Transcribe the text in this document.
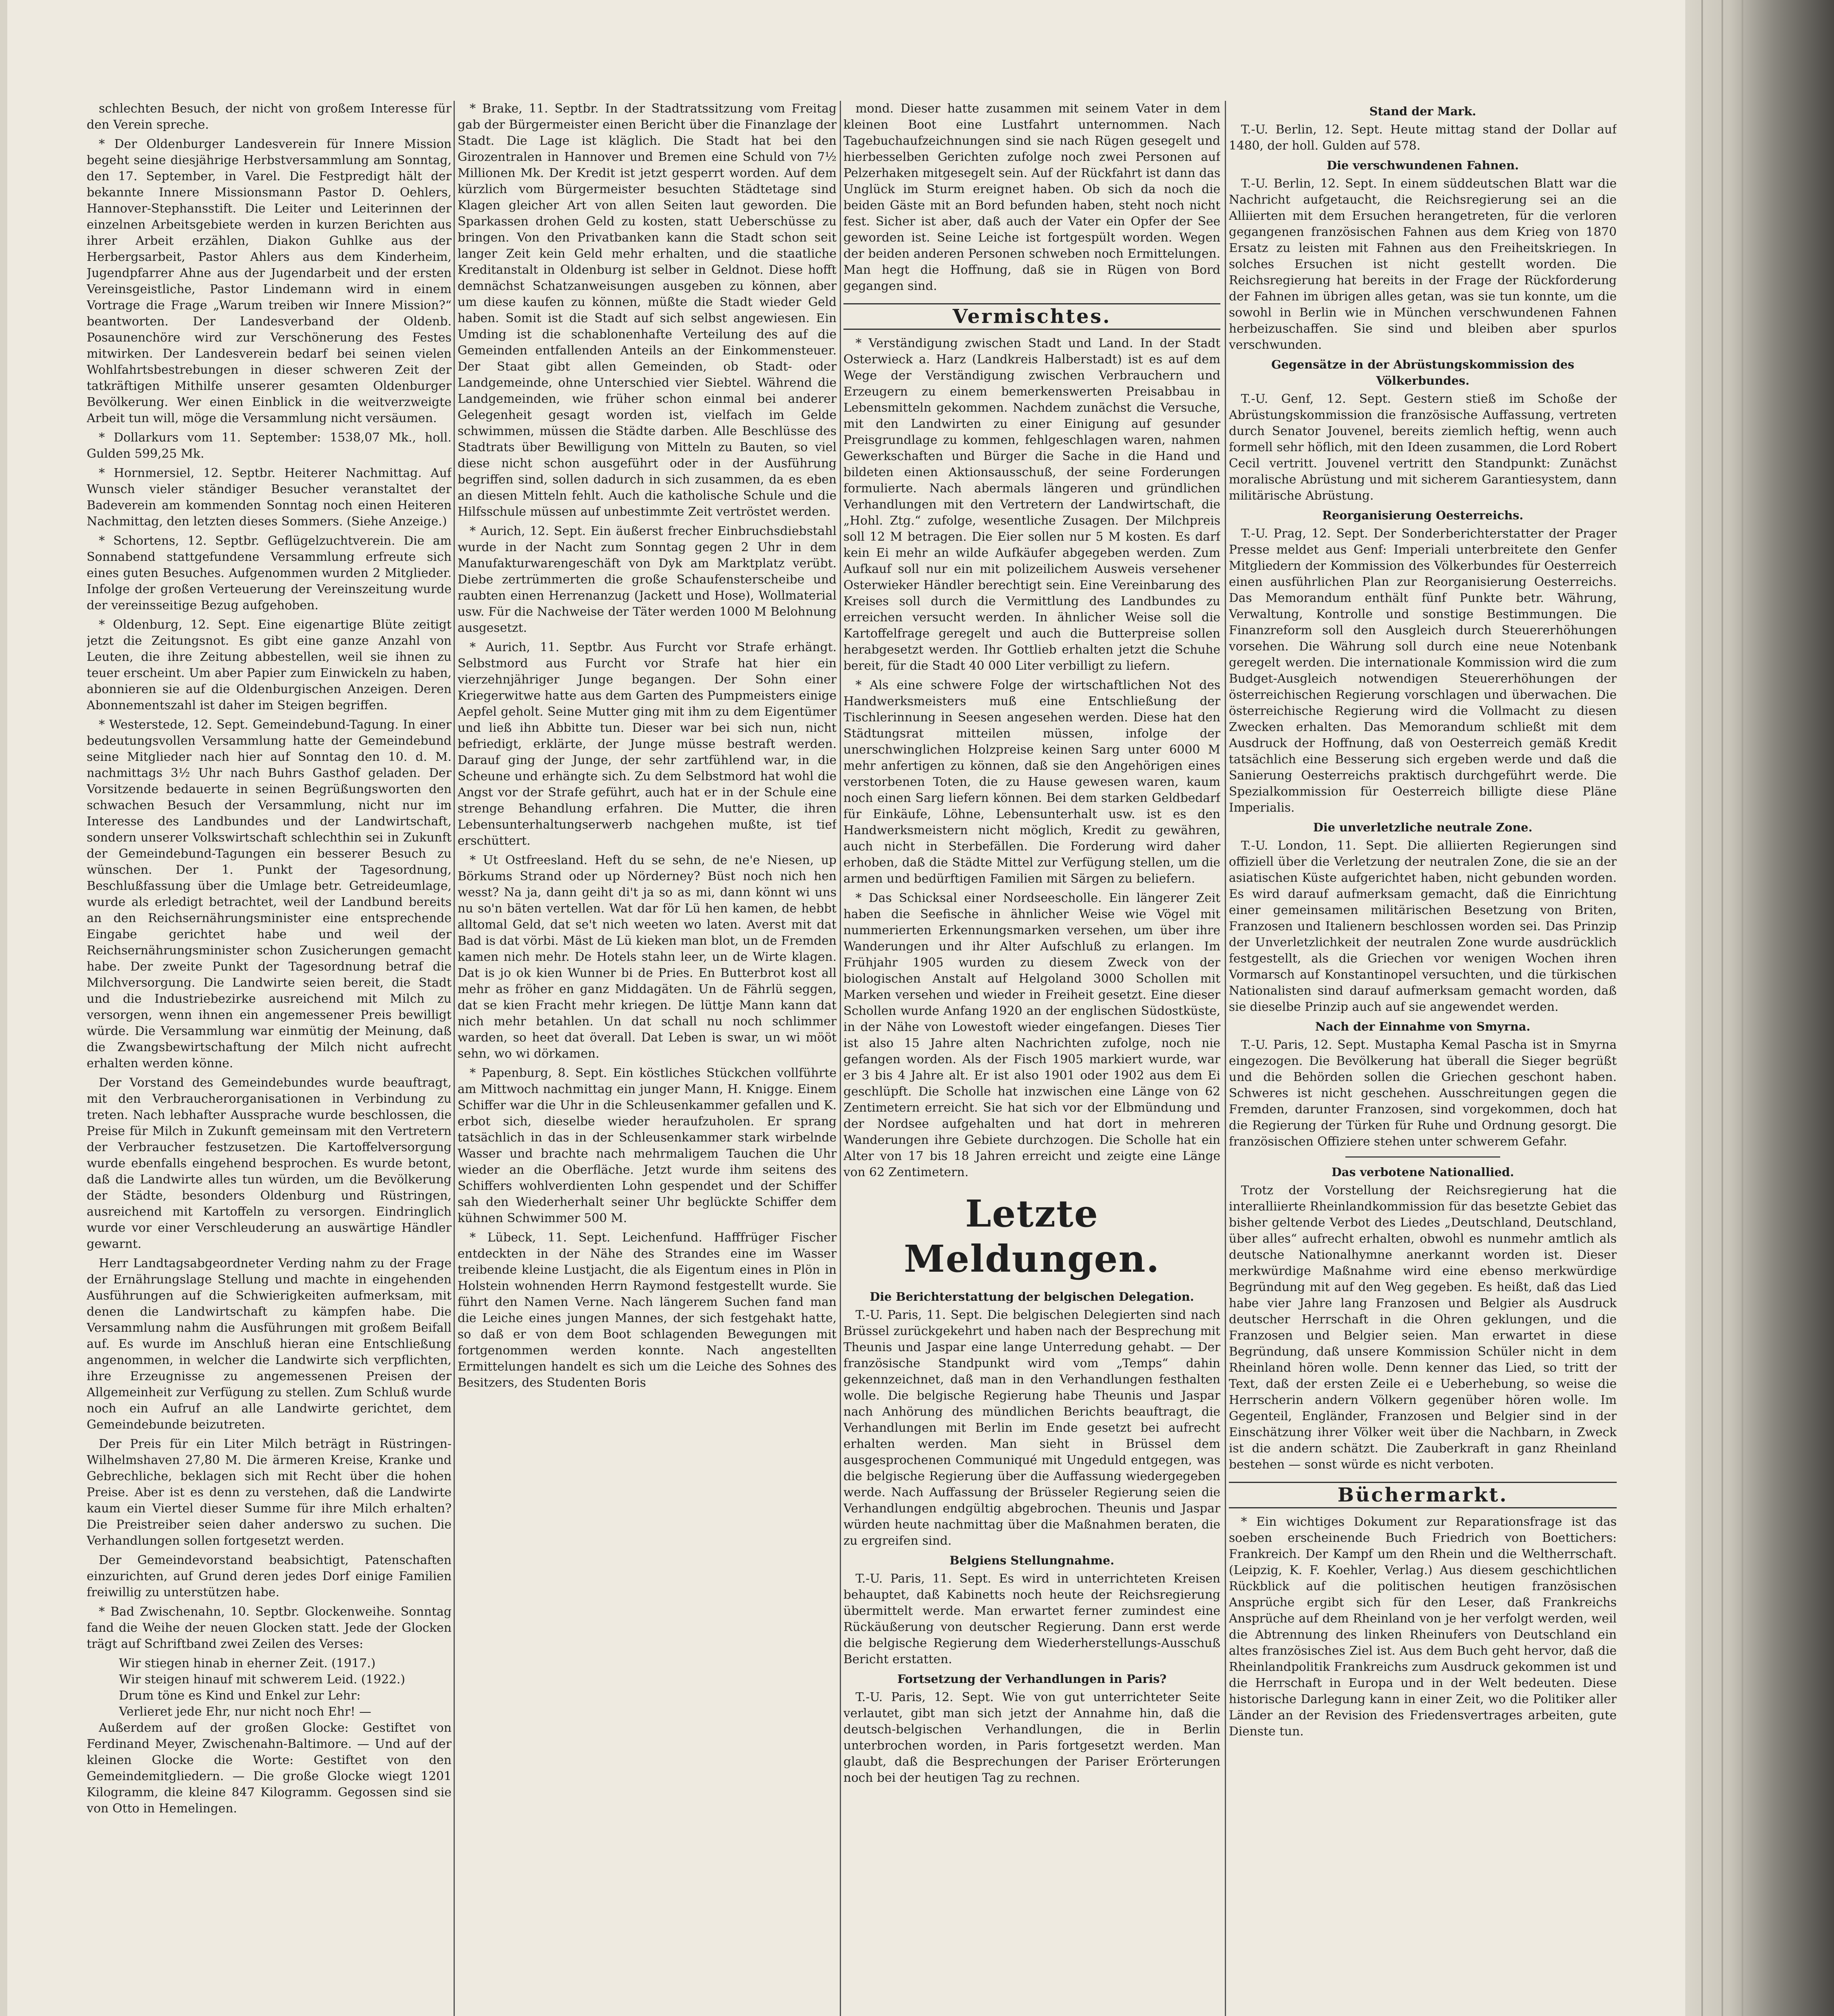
schlechten Besuch, der nicht von großem Interesse für den Verein spreche.

* Der Oldenburger Landesverein für Innere Mission begeht seine diesjährige Herbstversammlung am Sonntag, den 17. September, in Varel. Die Festpredigt hält der bekannte Innere Missionsmann Pastor D. Oehlers, Hannover-Stephansstift. Die Leiter und Leiterinnen der einzelnen Arbeitsgebiete werden in kurzen Berichten aus ihrer Arbeit erzählen, Diakon Guhlke aus der Herbergsarbeit, Pastor Ahlers aus dem Kinderheim, Jugendpfarrer Ahne aus der Jugendarbeit und der ersten Vereinsgeistliche, Pastor Lindemann wird in einem Vortrage die Frage „Warum treiben wir Innere Mission?“ beantworten. Der Landesverband der Oldenb. Posaunenchöre wird zur Verschönerung des Festes mitwirken. Der Landesverein bedarf bei seinen vielen Wohlfahrtsbestrebungen in dieser schweren Zeit der tatkräftigen Mithilfe unserer gesamten Oldenburger Bevölkerung. Wer einen Einblick in die weitverzweigte Arbeit tun will, möge die Versammlung nicht versäumen.

* Dollarkurs vom 11. September: 1538,07 Mk., holl. Gulden 599,25 Mk.

* Hornmersiel, 12. Septbr. Heiterer Nachmittag. Auf Wunsch vieler ständiger Besucher veranstaltet der Badeverein am kommenden Sonntag noch einen Heiteren Nachmittag, den letzten dieses Sommers. (Siehe Anzeige.)

* Schortens, 12. Septbr. Geflügelzuchtverein. Die am Sonnabend stattgefundene Versammlung erfreute sich eines guten Besuches. Aufgenommen wurden 2 Mitglieder. Infolge der großen Verteuerung der Vereinszeitung wurde der vereinsseitige Bezug aufgehoben.

* Oldenburg, 12. Sept. Eine eigenartige Blüte zeitigt jetzt die Zeitungsnot. Es gibt eine ganze Anzahl von Leuten, die ihre Zeitung abbestellen, weil sie ihnen zu teuer erscheint. Um aber Papier zum Einwickeln zu haben, abonnieren sie auf die Oldenburgischen Anzeigen. Deren Abonnementszahl ist daher im Steigen begriffen.

* Westerstede, 12. Sept. Gemeindebund-Tagung. In einer bedeutungsvollen Versammlung hatte der Gemeindebund seine Mitglieder nach hier auf Sonntag den 10. d. M. nachmittags 3½ Uhr nach Buhrs Gasthof geladen. Der Vorsitzende bedauerte in seinen Begrüßungsworten den schwachen Besuch der Versammlung, nicht nur im Interesse des Landbundes und der Landwirtschaft, sondern unserer Volkswirtschaft schlechthin sei in Zukunft der Gemeindebund-Tagungen ein besserer Besuch zu wünschen. Der 1. Punkt der Tagesordnung, Beschlußfassung über die Umlage betr. Getreideumlage, wurde als erledigt betrachtet, weil der Landbund bereits an den Reichsernährungsminister eine entsprechende Eingabe gerichtet habe und weil der Reichsernährungsminister schon Zusicherungen gemacht habe. Der zweite Punkt der Tagesordnung betraf die Milchversorgung. Die Landwirte seien bereit, die Stadt und die Industriebezirke ausreichend mit Milch zu versorgen, wenn ihnen ein angemessener Preis bewilligt würde. Die Versammlung war einmütig der Meinung, daß die Zwangsbewirtschaftung der Milch nicht aufrecht erhalten werden könne.

Der Vorstand des Gemeindebundes wurde beauftragt, mit den Verbraucherorganisationen in Verbindung zu treten. Nach lebhafter Aussprache wurde beschlossen, die Preise für Milch in Zukunft gemeinsam mit den Vertretern der Verbraucher festzusetzen. Die Kartoffelversorgung wurde ebenfalls eingehend besprochen. Es wurde betont, daß die Landwirte alles tun würden, um die Bevölkerung der Städte, besonders Oldenburg und Rüstringen, ausreichend mit Kartoffeln zu versorgen. Eindringlich wurde vor einer Verschleuderung an auswärtige Händler gewarnt.

Herr Landtagsabgeordneter Verding nahm zu der Frage der Ernährungslage Stellung und machte in eingehenden Ausführungen auf die Schwierigkeiten aufmerksam, mit denen die Landwirtschaft zu kämpfen habe. Die Versammlung nahm die Ausführungen mit großem Beifall auf. Es wurde im Anschluß hieran eine Entschließung angenommen, in welcher die Landwirte sich verpflichten, ihre Erzeugnisse zu angemessenen Preisen der Allgemeinheit zur Verfügung zu stellen. Zum Schluß wurde noch ein Aufruf an alle Landwirte gerichtet, dem Gemeindebunde beizutreten.

Der Preis für ein Liter Milch beträgt in Rüstringen-Wilhelmshaven 27,80 M. Die ärmeren Kreise, Kranke und Gebrechliche, beklagen sich mit Recht über die hohen Preise. Aber ist es denn zu verstehen, daß die Landwirte kaum ein Viertel dieser Summe für ihre Milch erhalten? Die Preistreiber seien daher anderswo zu suchen. Die Verhandlungen sollen fortgesetzt werden.

Der Gemeindevorstand beabsichtigt, Patenschaften einzurichten, auf Grund deren jedes Dorf einige Familien freiwillig zu unterstützen habe.

* Bad Zwischenahn, 10. Septbr. Glockenweihe. Sonntag fand die Weihe der neuen Glocken statt. Jede der Glocken trägt auf Schriftband zwei Zeilen des Verses:

Wir stiegen hinab in eherner Zeit. (1917.)

Wir steigen hinauf mit schwerem Leid. (1922.)

Drum töne es Kind und Enkel zur Lehr:

Verlieret jede Ehr, nur nicht noch Ehr! —

Außerdem auf der großen Glocke: Gestiftet von Ferdinand Meyer, Zwischenahn-Baltimore. — Und auf der kleinen Glocke die Worte: Gestiftet von den Gemeindemitgliedern. — Die große Glocke wiegt 1201 Kilogramm, die kleine 847 Kilogramm. Gegossen sind sie von Otto in Hemelingen.

* Brake, 11. Septbr. In der Stadtratssitzung vom Freitag gab der Bürgermeister einen Bericht über die Finanzlage der Stadt. Die Lage ist kläglich. Die Stadt hat bei den Girozentralen in Hannover und Bremen eine Schuld von 7½ Millionen Mk. Der Kredit ist jetzt gesperrt worden. Auf dem kürzlich vom Bürgermeister besuchten Städtetage sind Klagen gleicher Art von allen Seiten laut geworden. Die Sparkassen drohen Geld zu kosten, statt Ueberschüsse zu bringen. Von den Privatbanken kann die Stadt schon seit langer Zeit kein Geld mehr erhalten, und die staatliche Kreditanstalt in Oldenburg ist selber in Geldnot. Diese hofft demnächst Schatzanweisungen ausgeben zu können, aber um diese kaufen zu können, müßte die Stadt wieder Geld haben. Somit ist die Stadt auf sich selbst angewiesen. Ein Umding ist die schablonenhafte Verteilung des auf die Gemeinden entfallenden Anteils an der Einkommensteuer. Der Staat gibt allen Gemeinden, ob Stadt- oder Landgemeinde, ohne Unterschied vier Siebtel. Während die Landgemeinden, wie früher schon einmal bei anderer Gelegenheit gesagt worden ist, vielfach im Gelde schwimmen, müssen die Städte darben. Alle Beschlüsse des Stadtrats über Bewilligung von Mitteln zu Bauten, so viel diese nicht schon ausgeführt oder in der Ausführung begriffen sind, sollen dadurch in sich zusammen, da es eben an diesen Mitteln fehlt. Auch die katholische Schule und die Hilfsschule müssen auf unbestimmte Zeit vertröstet werden.

* Aurich, 12. Sept. Ein äußerst frecher Einbruchsdiebstahl wurde in der Nacht zum Sonntag gegen 2 Uhr in dem Manufakturwarengeschäft von Dyk am Marktplatz verübt. Diebe zertrümmerten die große Schaufensterscheibe und raubten einen Herrenanzug (Jackett und Hose), Wollmaterial usw. Für die Nachweise der Täter werden 1000 M Belohnung ausgesetzt.

* Aurich, 11. Septbr. Aus Furcht vor Strafe erhängt. Selbstmord aus Furcht vor Strafe hat hier ein vierzehnjähriger Junge begangen. Der Sohn einer Kriegerwitwe hatte aus dem Garten des Pumpmeisters einige Aepfel geholt. Seine Mutter ging mit ihm zu dem Eigentümer und ließ ihn Abbitte tun. Dieser war bei sich nun, nicht befriedigt, erklärte, der Junge müsse bestraft werden. Darauf ging der Junge, der sehr zartfühlend war, in die Scheune und erhängte sich. Zu dem Selbstmord hat wohl die Angst vor der Strafe geführt, auch hat er in der Schule eine strenge Behandlung erfahren. Die Mutter, die ihren Lebensunterhaltungserwerb nachgehen mußte, ist tief erschüttert.

* Ut Ostfreesland. Heft du se sehn, de ne'e Niesen, up Börkums Strand oder up Nörderney? Büst noch nich hen wesst? Na ja, dann geiht di't ja so as mi, dann könnt wi uns nu so'n bäten vertellen. Wat dar för Lü hen kamen, de hebbt alltomal Geld, dat se't nich weeten wo laten. Averst mit dat Bad is dat vörbi. Mäst de Lü kieken man blot, un de Fremden kamen nich mehr. De Hotels stahn leer, un de Wirte klagen. Dat is jo ok kien Wunner bi de Pries. En Butterbrot kost all mehr as fröher en ganz Middagäten. Un de Fährlü seggen, dat se kien Fracht mehr kriegen. De lüttje Mann kann dat nich mehr betahlen. Un dat schall nu noch schlimmer warden, so heet dat överall. Dat Leben is swar, un wi mööt sehn, wo wi dörkamen.

* Papenburg, 8. Sept. Ein köstliches Stückchen vollführte am Mittwoch nachmittag ein junger Mann, H. Knigge. Einem Schiffer war die Uhr in die Schleusenkammer gefallen und K. erbot sich, dieselbe wieder heraufzuholen. Er sprang tatsächlich in das in der Schleusenkammer stark wirbelnde Wasser und brachte nach mehrmaligem Tauchen die Uhr wieder an die Oberfläche. Jetzt wurde ihm seitens des Schiffers wohlverdienten Lohn gespendet und der Schiffer sah den Wiederherhalt seiner Uhr beglückte Schiffer dem kühnen Schwimmer 500 M.

* Lübeck, 11. Sept. Leichenfund. Hafffrüger Fischer entdeckten in der Nähe des Strandes eine im Wasser treibende kleine Lustjacht, die als Eigentum eines in Plön in Holstein wohnenden Herrn Raymond festgestellt wurde. Sie führt den Namen Verne. Nach längerem Suchen fand man die Leiche eines jungen Mannes, der sich festgehakt hatte, so daß er von dem Boot schlagenden Bewegungen mit fortgenommen werden konnte. Nach angestellten Ermittelungen handelt es sich um die Leiche des Sohnes des Besitzers, des Studenten Boris

mond. Dieser hatte zusammen mit seinem Vater in dem kleinen Boot eine Lustfahrt unternommen. Nach Tagebuchaufzeichnungen sind sie nach Rügen gesegelt und hierbesselben Gerichten zufolge noch zwei Personen auf Pelzerhaken mitgesegelt sein. Auf der Rückfahrt ist dann das Unglück im Sturm ereignet haben. Ob sich da noch die beiden Gäste mit an Bord befunden haben, steht noch nicht fest. Sicher ist aber, daß auch der Vater ein Opfer der See geworden ist. Seine Leiche ist fortgespült worden. Wegen der beiden anderen Personen schweben noch Ermittelungen. Man hegt die Hoffnung, daß sie in Rügen von Bord gegangen sind.

Vermischtes.

* Verständigung zwischen Stadt und Land. In der Stadt Osterwieck a. Harz (Landkreis Halberstadt) ist es auf dem Wege der Verständigung zwischen Verbrauchern und Erzeugern zu einem bemerkenswerten Preisabbau in Lebensmitteln gekommen. Nachdem zunächst die Versuche, mit den Landwirten zu einer Einigung auf gesunder Preisgrundlage zu kommen, fehlgeschlagen waren, nahmen Gewerkschaften und Bürger die Sache in die Hand und bildeten einen Aktionsausschuß, der seine Forderungen formulierte. Nach abermals längeren und gründlichen Verhandlungen mit den Vertretern der Landwirtschaft, die „Hohl. Ztg.“ zufolge, wesentliche Zusagen. Der Milchpreis soll 12 M betragen. Die Eier sollen nur 5 M kosten. Es darf kein Ei mehr an wilde Aufkäufer abgegeben werden. Zum Aufkauf soll nur ein mit polizeilichem Ausweis versehener Osterwieker Händler berechtigt sein. Eine Vereinbarung des Kreises soll durch die Vermittlung des Landbundes zu erreichen versucht werden. In ähnlicher Weise soll die Kartoffelfrage geregelt und auch die Butterpreise sollen herabgesetzt werden. Ihr Gottlieb erhalten jetzt die Schuhe bereit, für die Stadt 40 000 Liter verbilligt zu liefern.

* Als eine schwere Folge der wirtschaftlichen Not des Handwerksmeisters muß eine Entschließung der Tischlerinnung in Seesen angesehen werden. Diese hat den Städtungsrat mitteilen müssen, infolge der unerschwinglichen Holzpreise keinen Sarg unter 6000 M mehr anfertigen zu können, daß sie den Angehörigen eines verstorbenen Toten, die zu Hause gewesen waren, kaum noch einen Sarg liefern können. Bei dem starken Geldbedarf für Einkäufe, Löhne, Lebensunterhalt usw. ist es den Handwerksmeistern nicht möglich, Kredit zu gewähren, auch nicht in Sterbefällen. Die Forderung wird daher erhoben, daß die Städte Mittel zur Verfügung stellen, um die armen und bedürftigen Familien mit Särgen zu beliefern.

* Das Schicksal einer Nordseescholle. Ein längerer Zeit haben die Seefische in ähnlicher Weise wie Vögel mit nummerierten Erkennungsmarken versehen, um über ihre Wanderungen und ihr Alter Aufschluß zu erlangen. Im Frühjahr 1905 wurden zu diesem Zweck von der biologischen Anstalt auf Helgoland 3000 Schollen mit Marken versehen und wieder in Freiheit gesetzt. Eine dieser Schollen wurde Anfang 1920 an der englischen Südostküste, in der Nähe von Lowestoft wieder eingefangen. Dieses Tier ist also 15 Jahre alten Nachrichten zufolge, noch nie gefangen worden. Als der Fisch 1905 markiert wurde, war er 3 bis 4 Jahre alt. Er ist also 1901 oder 1902 aus dem Ei geschlüpft. Die Scholle hat inzwischen eine Länge von 62 Zentimetern erreicht. Sie hat sich vor der Elbmündung und der Nordsee aufgehalten und hat dort in mehreren Wanderungen ihre Gebiete durchzogen. Die Scholle hat ein Alter von 17 bis 18 Jahren erreicht und zeigte eine Länge von 62 Zentimetern.

Letzte Meldungen.

Die Berichterstattung der belgischen Delegation.

T.-U. Paris, 11. Sept. Die belgischen Delegierten sind nach Brüssel zurückgekehrt und haben nach der Besprechung mit Theunis und Jaspar eine lange Unterredung gehabt. — Der französische Standpunkt wird vom „Temps“ dahin gekennzeichnet, daß man in den Verhandlungen festhalten wolle. Die belgische Regierung habe Theunis und Jaspar nach Anhörung des mündlichen Berichts beauftragt, die Verhandlungen mit Berlin im Ende gesetzt bei aufrecht erhalten werden. Man sieht in Brüssel dem ausgesprochenen Communiqué mit Ungeduld entgegen, was die belgische Regierung über die Auffassung wiedergegeben werde. Nach Auffassung der Brüsseler Regierung seien die Verhandlungen endgültig abgebrochen. Theunis und Jaspar würden heute nachmittag über die Maßnahmen beraten, die zu ergreifen sind.

Belgiens Stellungnahme.

T.-U. Paris, 11. Sept. Es wird in unterrichteten Kreisen behauptet, daß Kabinetts noch heute der Reichsregierung übermittelt werde. Man erwartet ferner zumindest eine Rückäußerung von deutscher Regierung. Dann erst werde die belgische Regierung dem Wiederherstellungs-Ausschuß Bericht erstatten.

Fortsetzung der Verhandlungen in Paris?

T.-U. Paris, 12. Sept. Wie von gut unterrichteter Seite verlautet, gibt man sich jetzt der Annahme hin, daß die deutsch-belgischen Verhandlungen, die in Berlin unterbrochen worden, in Paris fortgesetzt werden. Man glaubt, daß die Besprechungen der Pariser Erörterungen noch bei der heutigen Tag zu rechnen.

Stand der Mark.

T.-U. Berlin, 12. Sept. Heute mittag stand der Dollar auf 1480, der holl. Gulden auf 578.

Die verschwundenen Fahnen.

T.-U. Berlin, 12. Sept. In einem süddeutschen Blatt war die Nachricht aufgetaucht, die Reichsregierung sei an die Alliierten mit dem Ersuchen herangetreten, für die verloren gegangenen französischen Fahnen aus dem Krieg von 1870 Ersatz zu leisten mit Fahnen aus den Freiheitskriegen. In solches Ersuchen ist nicht gestellt worden. Die Reichsregierung hat bereits in der Frage der Rückforderung der Fahnen im übrigen alles getan, was sie tun konnte, um die sowohl in Berlin wie in München verschwundenen Fahnen herbeizuschaffen. Sie sind und bleiben aber spurlos verschwunden.

Gegensätze in der Abrüstungskommission des Völkerbundes.

T.-U. Genf, 12. Sept. Gestern stieß im Schoße der Abrüstungskommission die französische Auffassung, vertreten durch Senator Jouvenel, bereits ziemlich heftig, wenn auch formell sehr höflich, mit den Ideen zusammen, die Lord Robert Cecil vertritt. Jouvenel vertritt den Standpunkt: Zunächst moralische Abrüstung und mit sicherem Garantiesystem, dann militärische Abrüstung.

Reorganisierung Oesterreichs.

T.-U. Prag, 12. Sept. Der Sonderberichterstatter der Prager Presse meldet aus Genf: Imperiali unterbreitete den Genfer Mitgliedern der Kommission des Völkerbundes für Oesterreich einen ausführlichen Plan zur Reorganisierung Oesterreichs. Das Memorandum enthält fünf Punkte betr. Währung, Verwaltung, Kontrolle und sonstige Bestimmungen. Die Finanzreform soll den Ausgleich durch Steuererhöhungen vorsehen. Die Währung soll durch eine neue Notenbank geregelt werden. Die internationale Kommission wird die zum Budget-Ausgleich notwendigen Steuererhöhungen der österreichischen Regierung vorschlagen und überwachen. Die österreichische Regierung wird die Vollmacht zu diesen Zwecken erhalten. Das Memorandum schließt mit dem Ausdruck der Hoffnung, daß von Oesterreich gemäß Kredit tatsächlich eine Besserung sich ergeben werde und daß die Sanierung Oesterreichs praktisch durchgeführt werde. Die Spezialkommission für Oesterreich billigte diese Pläne Imperialis.

Die unverletzliche neutrale Zone.

T.-U. London, 11. Sept. Die alliierten Regierungen sind offiziell über die Verletzung der neutralen Zone, die sie an der asiatischen Küste aufgerichtet haben, nicht gebunden worden. Es wird darauf aufmerksam gemacht, daß die Einrichtung einer gemeinsamen militärischen Besetzung von Briten, Franzosen und Italienern beschlossen worden sei. Das Prinzip der Unverletzlichkeit der neutralen Zone wurde ausdrücklich festgestellt, als die Griechen vor wenigen Wochen ihren Vormarsch auf Konstantinopel versuchten, und die türkischen Nationalisten sind darauf aufmerksam gemacht worden, daß sie dieselbe Prinzip auch auf sie angewendet werden.

Nach der Einnahme von Smyrna.

T.-U. Paris, 12. Sept. Mustapha Kemal Pascha ist in Smyrna eingezogen. Die Bevölkerung hat überall die Sieger begrüßt und die Behörden sollen die Griechen geschont haben. Schweres ist nicht geschehen. Ausschreitungen gegen die Fremden, darunter Franzosen, sind vorgekommen, doch hat die Regierung der Türken für Ruhe und Ordnung gesorgt. Die französischen Offiziere stehen unter schwerem Gefahr.

Das verbotene Nationallied.

Trotz der Vorstellung der Reichsregierung hat die interalliierte Rheinlandkommission für das besetzte Gebiet das bisher geltende Verbot des Liedes „Deutschland, Deutschland, über alles“ aufrecht erhalten, obwohl es nunmehr amtlich als deutsche Nationalhymne anerkannt worden ist. Dieser merkwürdige Maßnahme wird eine ebenso merkwürdige Begründung mit auf den Weg gegeben. Es heißt, daß das Lied habe vier Jahre lang Franzosen und Belgier als Ausdruck deutscher Herrschaft in die Ohren geklungen, und die Franzosen und Belgier seien. Man erwartet in diese Begründung, daß unsere Kommission Schüler nicht in dem Rheinland hören wolle. Denn kenner das Lied, so tritt der Text, daß der ersten Zeile ei e Ueberhebung, so weise die Herrscherin andern Völkern gegenüber hören wolle. Im Gegenteil, Engländer, Franzosen und Belgier sind in der Einschätzung ihrer Völker weit über die Nachbarn, in Zweck ist die andern schätzt. Die Zauberkraft in ganz Rheinland bestehen — sonst würde es nicht verboten.

Büchermarkt.

* Ein wichtiges Dokument zur Reparationsfrage ist das soeben erscheinende Buch Friedrich von Boettichers: Frankreich. Der Kampf um den Rhein und die Weltherrschaft. (Leipzig, K. F. Koehler, Verlag.) Aus diesem geschichtlichen Rückblick auf die politischen heutigen französischen Ansprüche ergibt sich für den Leser, daß Frankreichs Ansprüche auf dem Rheinland von je her verfolgt werden, weil die Abtrennung des linken Rheinufers von Deutschland ein altes französisches Ziel ist. Aus dem Buch geht hervor, daß die Rheinlandpolitik Frankreichs zum Ausdruck gekommen ist und die Herrschaft in Europa und in der Welt bedeuten. Diese historische Darlegung kann in einer Zeit, wo die Politiker aller Länder an der Revision des Friedensvertrages arbeiten, gute Dienste tun.
